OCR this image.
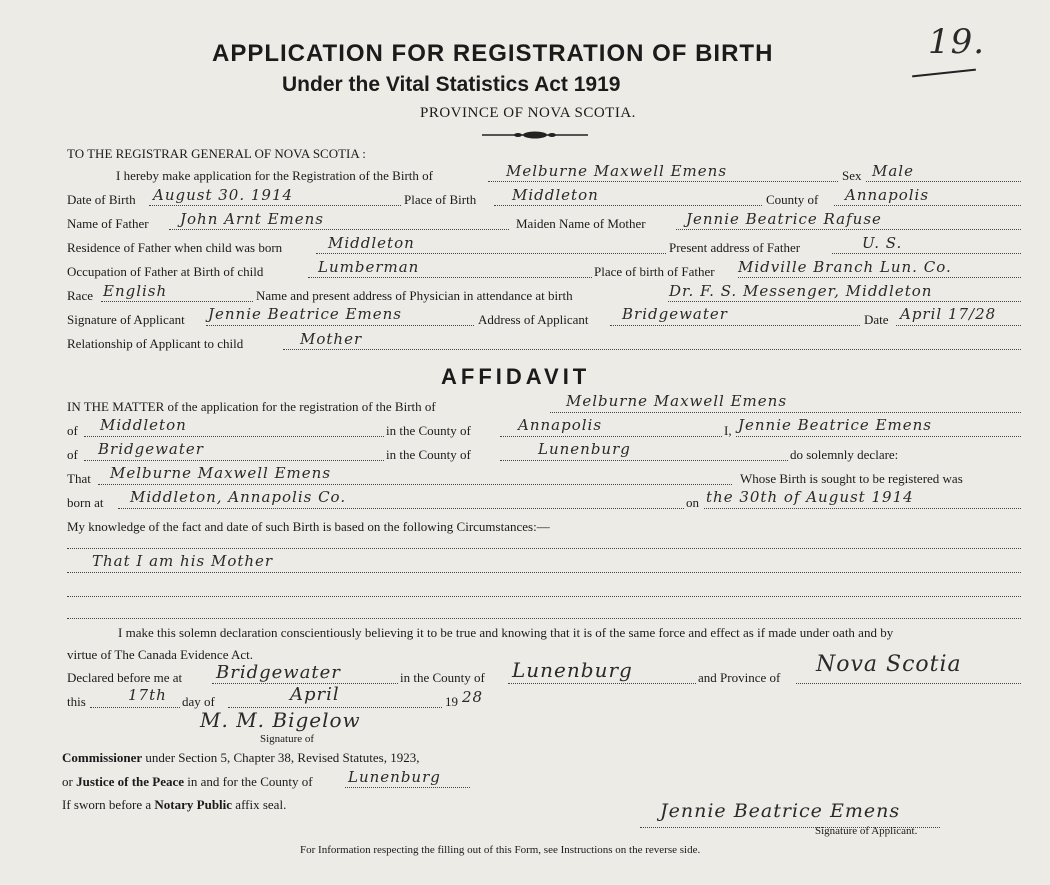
APPLICATION FOR REGISTRATION OF BIRTH
Under the Vital Statistics Act 1919
PROVINCE OF NOVA SCOTIA.
19.
TO THE REGISTRAR GENERAL OF NOVA SCOTIA :
I hereby make application for the Registration of the Birth of	Melburne Maxwell Emens	Sex Male
Date of Birth August 30. 1914	Place of Birth Middleton	County of Annapolis
Name of Father John Arnt Emens	Maiden Name of Mother	Jennie Beatrice Rafuse
Residence of Father when child was born	Middleton	Present address of Father	U. S.
Occupation of Father at Birth of child	Lumberman	Place of birth of Father Midville Branch Lun. Co.
Race English	Name and present address of Physician in attendance at birth	Dr. F. S. Messenger, Middleton
Signature of Applicant Jennie Beatrice Emens	Address of Applicant Bridgewater	Date April 17/28
Relationship of Applicant to child	Mother
AFFIDAVIT
IN THE MATTER of the application for the registration of the Birth of	Melburne Maxwell Emens
of Middleton	in the County of	Annapolis	I, Jennie Beatrice Emens
of Bridgewater	in the County of	Lunenburg	do solemnly declare:
That Melburne Maxwell Emens	Whose Birth is sought to be registered was
born at Middleton, Annapolis Co.	on the 30th of August 1914
My knowledge of the fact and date of such Birth is based on the following Circumstances:—
That I am his Mother
I make this solemn declaration conscientiously believing it to be true and knowing that it is of the same force and effect as if made under oath and by
virtue of The Canada Evidence Act.
Declared before me at Bridgewater	in the County of Lunenburg	and Province of
Nova Scotia
this	17th day of	April	19 28
M. M. Bigelow
Signature of
Commissioner under Section 5, Chapter 38, Revised Statutes, 1923,
or Justice of the Peace in and for the County of Lunenburg
If sworn before a Notary Public affix seal.	Jennie Beatrice Emens
Signature of Applicant.
For Information respecting the filling out of this Form, see Instructions on the reverse side.
